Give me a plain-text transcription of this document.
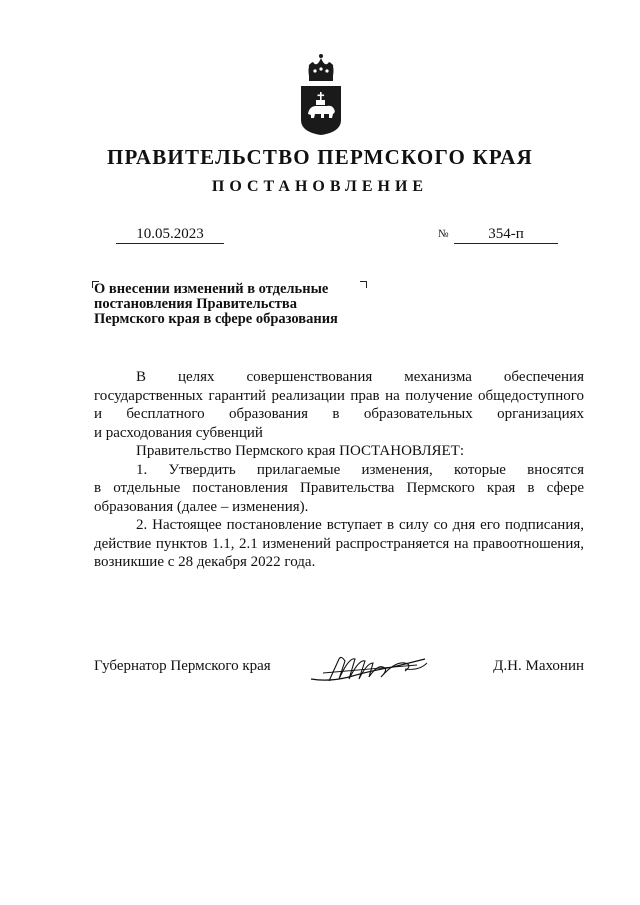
ПРАВИТЕЛЬСТВО ПЕРМСКОГО КРАЯ
ПОСТАНОВЛЕНИЕ
10.05.2023	№	354-п
О внесении изменений в отдельные
постановления Правительства
Пермского края в сфере образования
В целях совершенствования механизма обеспечения
государственных гарантий реализации прав на получение общедоступного
и бесплатного образования в образовательных организациях
и расходования субвенций
Правительство Пермского края ПОСТАНОВЛЯЕТ:
1. Утвердить прилагаемые изменения, которые вносятся
в отдельные постановления Правительства Пермского края в сфере
образования (далее – изменения).
2. Настоящее постановление вступает в силу со дня его подписания,
действие пунктов 1.1, 2.1 изменений распространяется на правоотношения,
возникшие с 28 декабря 2022 года.
Губернатор Пермского края	Д.Н. Махонин
